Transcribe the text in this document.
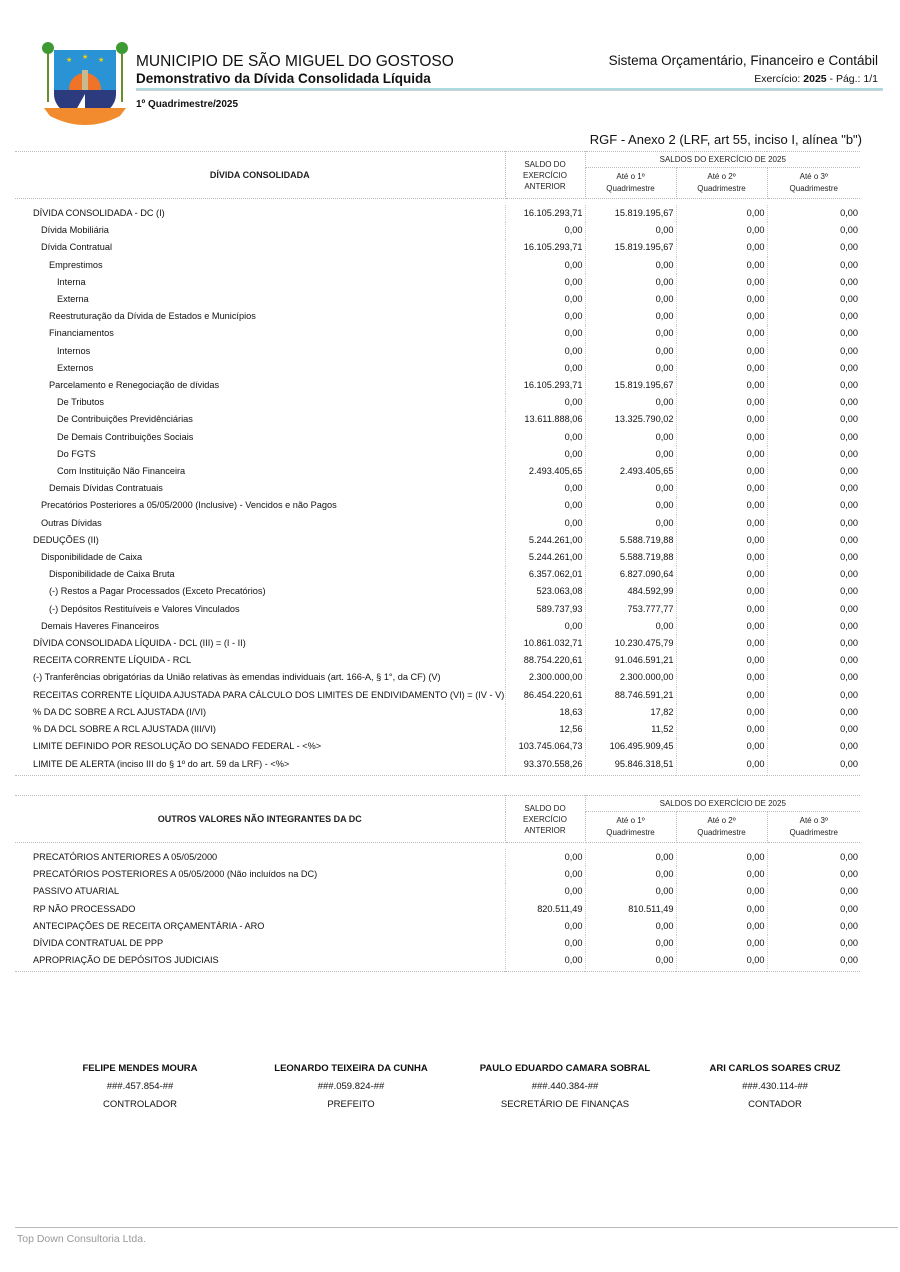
★ ★ ★ MUNICIPIO DE SÃO MIGUEL DO GOSTOSO
Demonstrativo da Dívida Consolidada Líquida
1º Quadrimestre/2025
Sistema Orçamentário, Financeiro e Contábil
Exercício: 2025 - Pág.: 1/1
RGF - Anexo 2 (LRF, art 55, inciso I, alínea "b")
DÍVIDA CONSOLIDADA	SALDO DO EXERCÍCIO ANTERIOR	SALDOS DO EXERCÍCIO DE 2025		
		Até o 1º Quadrimestre	Até o 2º Quadrimestre	Até o 3º Quadrimestre

DÍVIDA CONSOLIDADA - DC (I)	16.105.293,71	15.819.195,67	0,00	0,00
Dívida Mobiliária	0,00	0,00	0,00	0,00
Dívida Contratual	16.105.293,71	15.819.195,67	0,00	0,00
Emprestimos	0,00	0,00	0,00	0,00
Interna	0,00	0,00	0,00	0,00
Externa	0,00	0,00	0,00	0,00
Reestruturação da Dívida de Estados e Municípios	0,00	0,00	0,00	0,00
Financiamentos	0,00	0,00	0,00	0,00
Internos	0,00	0,00	0,00	0,00
Externos	0,00	0,00	0,00	0,00
Parcelamento e Renegociação de dívidas	16.105.293,71	15.819.195,67	0,00	0,00
De Tributos	0,00	0,00	0,00	0,00
De Contribuições Previdênciárias	13.611.888,06	13.325.790,02	0,00	0,00
De Demais Contribuições Sociais	0,00	0,00	0,00	0,00
Do FGTS	0,00	0,00	0,00	0,00
Com Instituição Não Financeira	2.493.405,65	2.493.405,65	0,00	0,00
Demais Dívidas Contratuais	0,00	0,00	0,00	0,00
Precatórios Posteriores a 05/05/2000 (Inclusive) - Vencidos e não Pagos	0,00	0,00	0,00	0,00
Outras Dívidas	0,00	0,00	0,00	0,00
DEDUÇÕES (II)	5.244.261,00	5.588.719,88	0,00	0,00
Disponibilidade de Caixa	5.244.261,00	5.588.719,88	0,00	0,00
Disponibilidade de Caixa Bruta	6.357.062,01	6.827.090,64	0,00	0,00
(-) Restos a Pagar Processados (Exceto Precatórios)	523.063,08	484.592,99	0,00	0,00
(-) Depósitos Restituíveis e Valores Vinculados	589.737,93	753.777,77	0,00	0,00
Demais Haveres Financeiros	0,00	0,00	0,00	0,00
DÍVIDA CONSOLIDADA LÍQUIDA - DCL (III) = (I - II)	10.861.032,71	10.230.475,79	0,00	0,00
RECEITA CORRENTE LÍQUIDA - RCL	88.754.220,61	91.046.591,21	0,00	0,00
(-) Tranferências obrigatórias da União relativas às emendas individuais (art. 166-A, § 1°, da CF) (V)	2.300.000,00	2.300.000,00	0,00	0,00
RECEITAS CORRENTE LÍQUIDA AJUSTADA PARA CÁLCULO DOS LIMITES DE ENDIVIDAMENTO (VI) = (IV - V)	86.454.220,61	88.746.591,21	0,00	0,00
% DA DC SOBRE A RCL AJUSTADA (I/VI)	18,63	17,82	0,00	0,00
% DA DCL SOBRE A RCL AJUSTADA (III/VI)	12,56	11,52	0,00	0,00
LIMITE DEFINIDO POR RESOLUÇÃO DO SENADO FEDERAL - <%>	103.745.064,73	106.495.909,45	0,00	0,00
LIMITE DE ALERTA (inciso III do § 1º do art. 59 da LRF) - <%>	93.370.558,26	95.846.318,51	0,00	0,00

OUTROS VALORES NÃO INTEGRANTES DA DC	SALDO DO EXERCÍCIO ANTERIOR	SALDOS DO EXERCÍCIO DE 2025		
		Até o 1º Quadrimestre	Até o 2º Quadrimestre	Até o 3º Quadrimestre

PRECATÓRIOS ANTERIORES A 05/05/2000	0,00	0,00	0,00	0,00
PRECATÓRIOS POSTERIORES A 05/05/2000 (Não incluídos na DC)	0,00	0,00	0,00	0,00
PASSIVO ATUARIAL	0,00	0,00	0,00	0,00
RP NÃO PROCESSADO	820.511,49	810.511,49	0,00	0,00
ANTECIPAÇÕES DE RECEITA ORÇAMENTÁRIA - ARO	0,00	0,00	0,00	0,00
DÍVIDA CONTRATUAL DE PPP	0,00	0,00	0,00	0,00
APROPRIAÇÃO DE DEPÓSITOS JUDICIAIS	0,00	0,00	0,00	0,00

FELIPE MENDES MOURA
###.457.854-##
CONTROLADOR
LEONARDO TEIXEIRA DA CUNHA
###.059.824-##
PREFEITO
PAULO EDUARDO CAMARA SOBRAL
###.440.384-##
SECRETÁRIO DE FINANÇAS
ARI CARLOS SOARES CRUZ
###.430.114-##
CONTADOR
Top Down Consultoria Ltda.
